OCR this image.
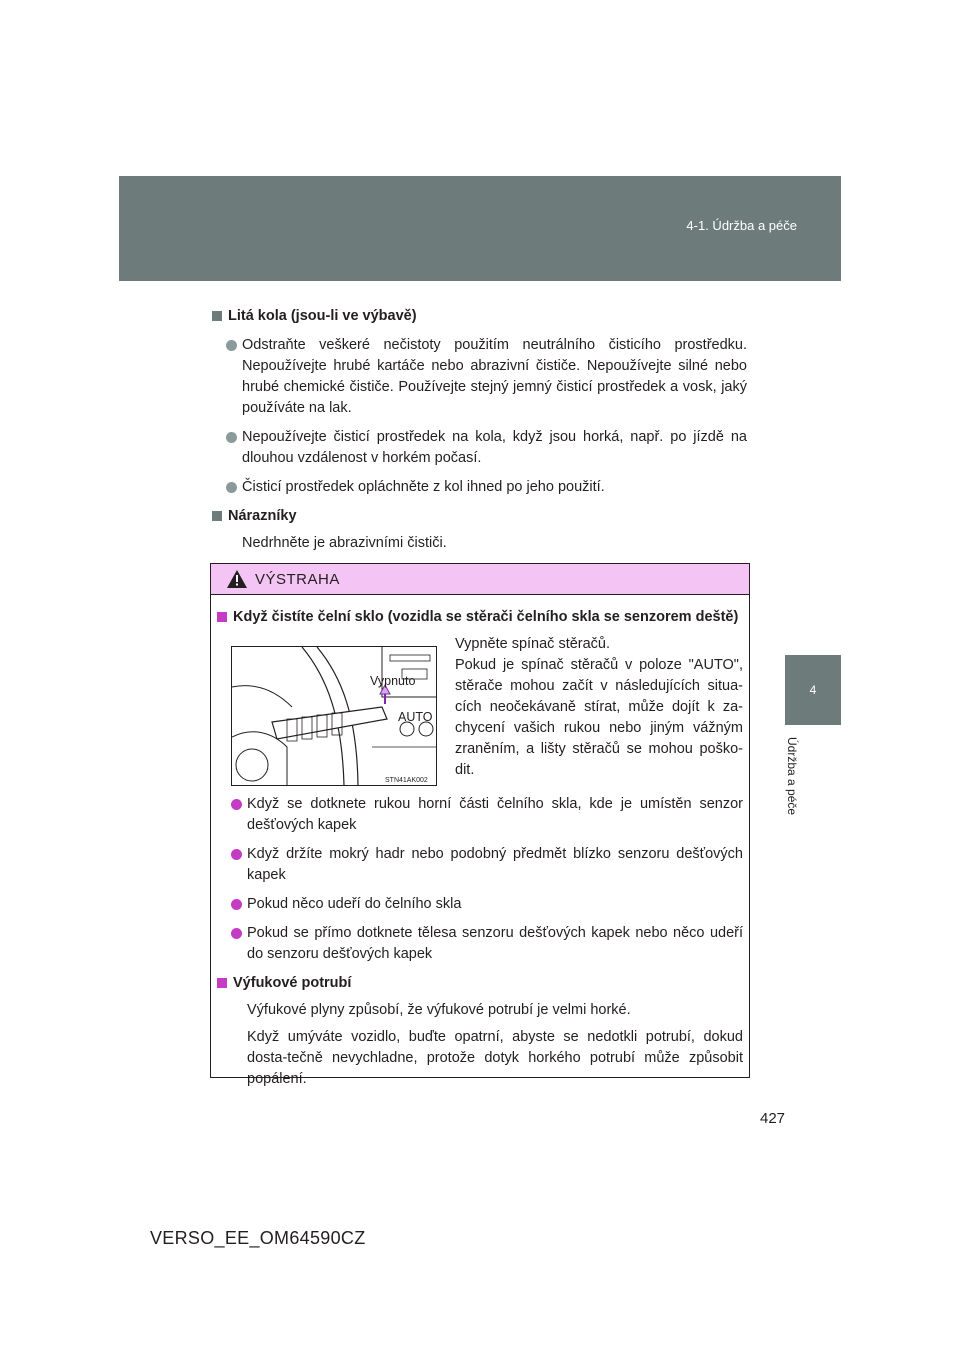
4-1. Údržba a péče
4
Údržba a péče
Litá kola (jsou-li ve výbavě)
Odstraňte veškeré nečistoty použitím neutrálního čisticího prostředku. Nepoužívejte hrubé kartáče nebo abrazivní čističe. Nepoužívejte silné nebo hrubé chemické čističe. Používejte stejný jemný čisticí prostředek a vosk, jaký používáte na lak.
Nepoužívejte čisticí prostředek na kola, když jsou horká, např. po jízdě na dlouhou vzdálenost v horkém počasí.
Čisticí prostředek opláchněte z kol ihned po jeho použití.
Nárazníky
Nedrhněte je abrazivními čističi.
VÝSTRAHA
Když čistíte čelní sklo (vozidla se stěrači čelního skla se senzorem deště)
Vypnuto
AUTO
STN41AK002
Vypněte spínač stěračů.
Pokud je spínač stěračů v poloze "AUTO", stěrače mohou začít v následujících situa-cích neočekávaně stírat, může dojít k za-chycení vašich rukou nebo jiným vážným zraněním, a lišty stěračů se mohou poško-dit.
Když se dotknete rukou horní části čelního skla, kde je umístěn senzor dešťových kapek
Když držíte mokrý hadr nebo podobný předmět blízko senzoru dešťových kapek
Pokud něco udeří do čelního skla
Pokud se přímo dotknete tělesa senzoru dešťových kapek nebo něco udeří do senzoru dešťových kapek
Výfukové potrubí
Výfukové plyny způsobí, že výfukové potrubí je velmi horké.
Když umýváte vozidlo, buďte opatrní, abyste se nedotkli potrubí, dokud dosta-tečně nevychladne, protože dotyk horkého potrubí může způsobit popálení.
427
VERSO_EE_OM64590CZ
